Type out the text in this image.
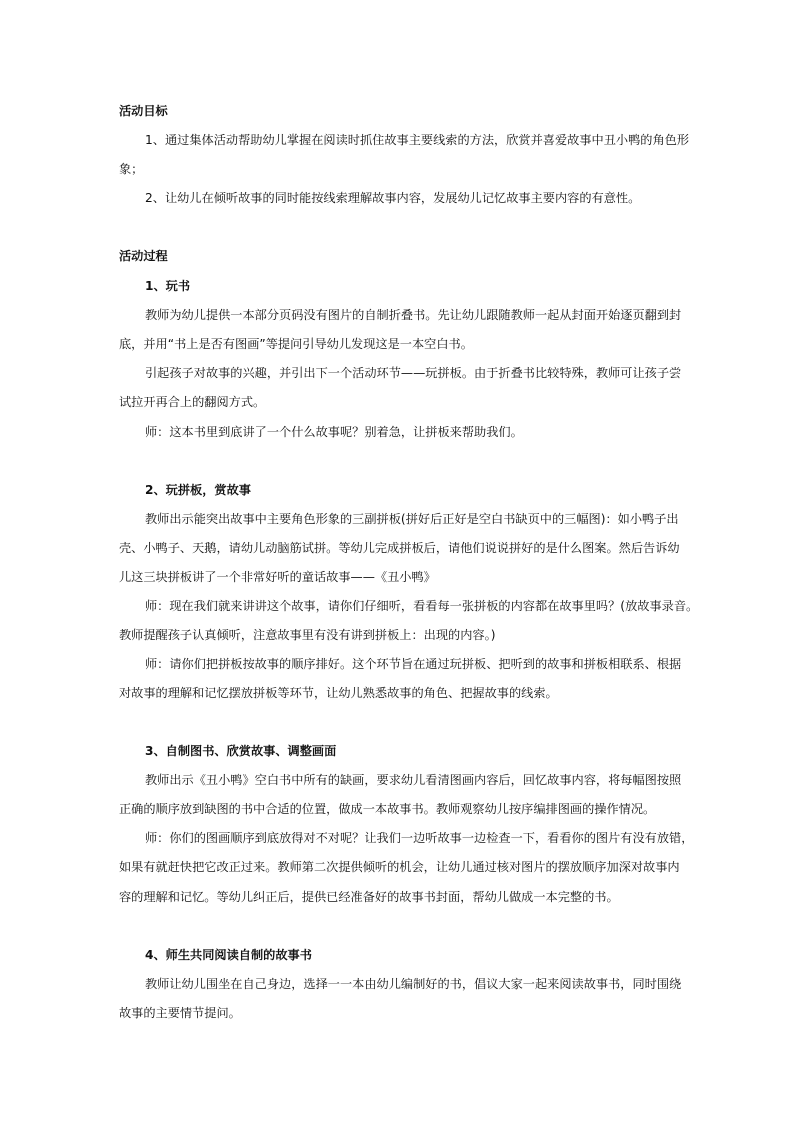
活动目标
1、通过集体活动帮助幼儿掌握在阅读时抓住故事主要线索的方法，欣赏并喜爱故事中丑小鸭的角色形
象；
2、让幼儿在倾听故事的同时能按线索理解故事内容，发展幼儿记忆故事主要内容的有意性。
活动过程
1、玩书
教师为幼儿提供一本部分页码没有图片的自制折叠书。先让幼儿跟随教师一起从封面开始逐页翻到封
底，并用“书上是否有图画”等提问引导幼儿发现这是一本空白书。
引起孩子对故事的兴趣，并引出下一个活动环节——玩拼板。由于折叠书比较特殊，教师可让孩子尝
试拉开再合上的翻阅方式。
师：这本书里到底讲了一个什么故事呢？别着急，让拼板来帮助我们。
2、玩拼板，赏故事
教师出示能突出故事中主要角色形象的三副拼板(拼好后正好是空白书缺页中的三幅图)：如小鸭子出
壳、小鸭子、天鹅，请幼儿动脑筋试拼。等幼儿完成拼板后，请他们说说拼好的是什么图案。然后告诉幼
儿这三块拼板讲了一个非常好听的童话故事——《丑小鸭》
师：现在我们就来讲讲这个故事，请你们仔细听，看看每一张拼板的内容都在故事里吗？(放故事录音。
教师提醒孩子认真倾听，注意故事里有没有讲到拼板上：出现的内容。)
师：请你们把拼板按故事的顺序排好。这个环节旨在通过玩拼板、把听到的故事和拼板相联系、根据
对故事的理解和记忆摆放拼板等环节，让幼儿熟悉故事的角色、把握故事的线索。
3、自制图书、欣赏故事、调整画面
教师出示《丑小鸭》空白书中所有的缺画，要求幼儿看清图画内容后，回忆故事内容，将每幅图按照
正确的顺序放到缺图的书中合适的位置，做成一本故事书。教师观察幼儿按序编排图画的操作情况。
师：你们的图画顺序到底放得对不对呢？让我们一边听故事一边检查一下，看看你的图片有没有放错，
如果有就赶快把它改正过来。教师第二次提供倾听的机会，让幼儿通过核对图片的摆放顺序加深对故事内
容的理解和记忆。等幼儿纠正后，提供已经准备好的故事书封面，帮幼儿做成一本完整的书。
4、师生共同阅读自制的故事书
教师让幼儿围坐在自己身边，选择一一本由幼儿编制好的书，倡议大家一起来阅读故事书，同时围绕
故事的主要情节提问。
